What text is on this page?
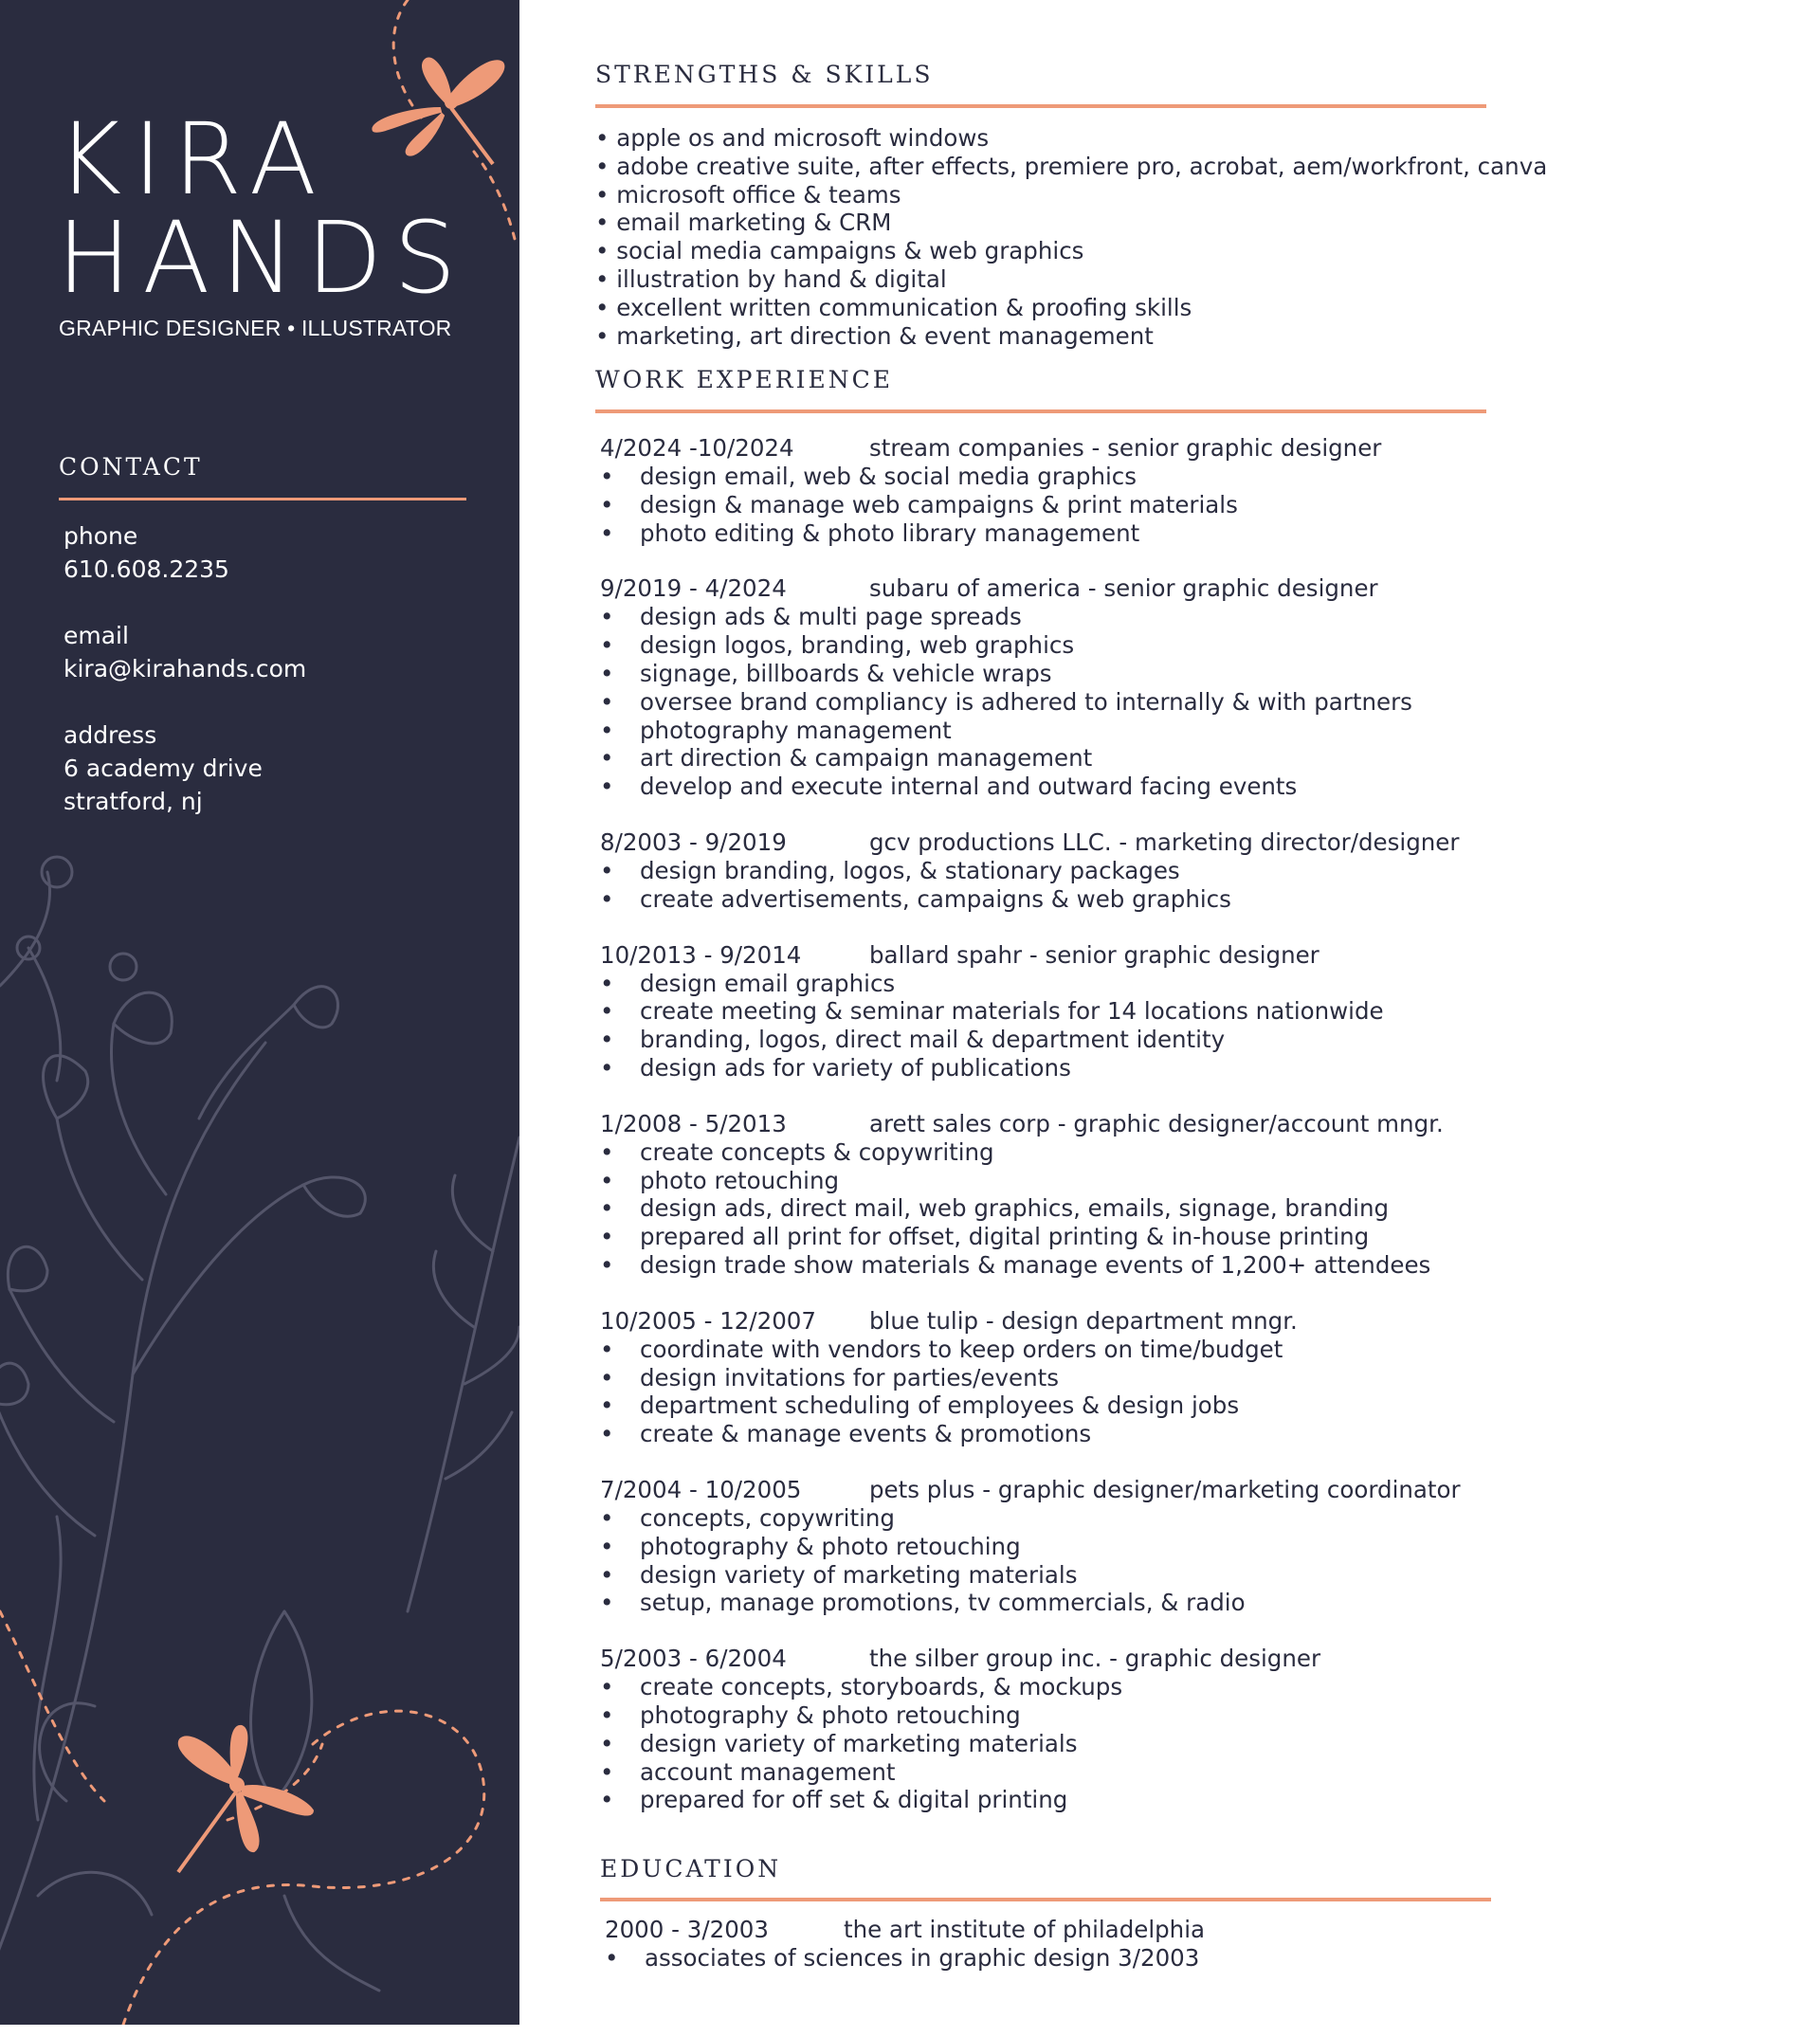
KIRA
HANDS

GRAPHIC DESIGNER • ILLUSTRATOR

CONTACT
phone
610.608.2235
email
kira@kirahands.com
address
6 academy drive
stratford, nj
STRENGTHS & SKILLS
• apple os and microsoft windows
• adobe creative suite, after effects, premiere pro, acrobat, aem/workfront, canva
• microsoft office & teams
• email marketing & CRM
• social media campaigns & web graphics
• illustration by hand & digital
• excellent written communication & proofing skills
• marketing, art direction & event management
WORK EXPERIENCE
4/2024 -10/2024	stream companies - senior graphic designer
•	design email, web & social media graphics
•	design & manage web campaigns & print materials
•	photo editing & photo library management
9/2019 - 4/2024	subaru of america - senior graphic designer
•	design ads & multi page spreads
•	design logos, branding, web graphics
•	signage, billboards & vehicle wraps
•	oversee brand compliancy is adhered to internally & with partners
•	photography management
•	art direction & campaign management
•	develop and execute internal and outward facing events
8/2003 - 9/2019	gcv productions LLC. - marketing director/designer
•	design branding, logos, & stationary packages
•	create advertisements, campaigns & web graphics
10/2013 - 9/2014	ballard spahr - senior graphic designer
•	design email graphics
•	create meeting & seminar materials for 14 locations nationwide
•	branding, logos, direct mail & department identity
•	design ads for variety of publications
1/2008 - 5/2013	arett sales corp - graphic designer/account mngr.
•	create concepts & copywriting
•	photo retouching
•	design ads, direct mail, web graphics, emails, signage, branding
•	prepared all print for offset, digital printing & in-house printing
•	design trade show materials & manage events of 1,200+ attendees
10/2005 - 12/2007	blue tulip - design department mngr.
•	coordinate with vendors to keep orders on time/budget
•	design invitations for parties/events
•	department scheduling of employees & design jobs
•	create & manage events & promotions
7/2004 - 10/2005	pets plus - graphic designer/marketing coordinator
•	concepts, copywriting
•	photography & photo retouching
•	design variety of marketing materials
•	setup, manage promotions, tv commercials, & radio
5/2003 - 6/2004	the silber group inc. - graphic designer
•	create concepts, storyboards, & mockups
•	photography & photo retouching
•	design variety of marketing materials
•	account management
•	prepared for off set & digital printing
EDUCATION
2000 - 3/2003	the art institute of philadelphia
•	associates of sciences in graphic design 3/2003
